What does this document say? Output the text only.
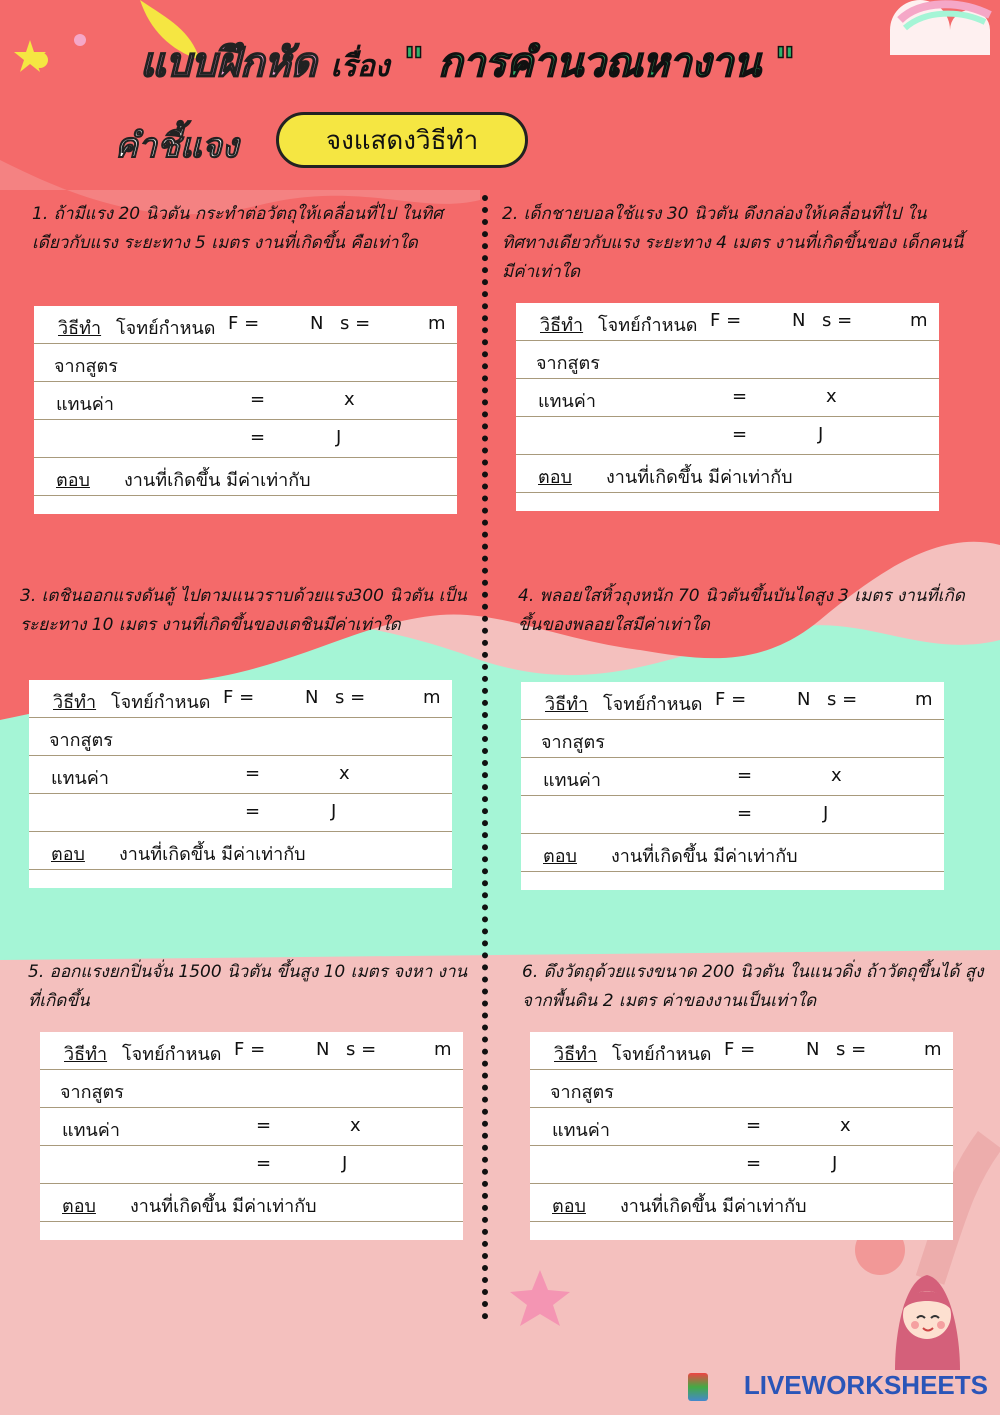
แบบฝึกหัด เรื่อง " การคำนวณหางาน "
คำชี้แจง	จงแสดงวิธีทำ
1. ถ้ามีแรง 20 นิวตัน กระทำต่อวัตถุให้เคลื่อนที่ไป ในทิศเดียวกับแรง ระยะทาง 5 เมตร งานที่เกิดขึ้น คือเท่าใด
2. เด็กชายบอลใช้แรง 30 นิวตัน ดึงกล่องให้เคลื่อนที่ไป ในทิศทางเดียวกับแรง ระยะทาง 4 เมตร งานที่เกิดขึ้นของ เด็กคนนี้มีค่าเท่าใด
3. เตชินออกแรงดันตู้ ไปตามแนวราบด้วยแรง300 นิวตัน เป็นระยะทาง 10 เมตร งานที่เกิดขึ้นของเตชินมีค่าเท่าใด
4. พลอยใสหิ้วถุงหนัก 70 นิวตันขึ้นบันไดสูง 3 เมตร งานที่เกิดขึ้นของพลอยใสมีค่าเท่าใด
5. ออกแรงยกปิ่นจั่น 1500 นิวตัน ขึ้นสูง 10 เมตร จงหา งานที่เกิดขึ้น
6. ดึงวัตถุด้วยแรงขนาด 200 นิวตัน ในแนวดิ่ง ถ้าวัตถุขึ้นได้ สูงจากพื้นดิน 2 เมตร ค่าของงานเป็นเท่าใด
วิธีทำ โจทย์กำหนด F =	N s =	m
จากสูตร
แทนค่า	=	x
=	J
ตอบ งานที่เกิดขึ้น มีค่าเท่ากับ
วิธีทำ โจทย์กำหนด F =	N s =	m
จากสูตร
แทนค่า	=	x
=	J
ตอบ งานที่เกิดขึ้น มีค่าเท่ากับ
วิธีทำ โจทย์กำหนด F =	N s =	m
จากสูตร
แทนค่า	=	x
=	J
ตอบ งานที่เกิดขึ้น มีค่าเท่ากับ
วิธีทำ โจทย์กำหนด F =	N s =	m
จากสูตร
แทนค่า	=	x
=	J
ตอบ งานที่เกิดขึ้น มีค่าเท่ากับ
วิธีทำ โจทย์กำหนด F =	N s =	m
จากสูตร
แทนค่า	=	x
=	J
ตอบ งานที่เกิดขึ้น มีค่าเท่ากับ
วิธีทำ โจทย์กำหนด F =	N s =	m
จากสูตร
แทนค่า	=	x
=	J
ตอบ งานที่เกิดขึ้น มีค่าเท่ากับ
LIVEWORKSHEETS
